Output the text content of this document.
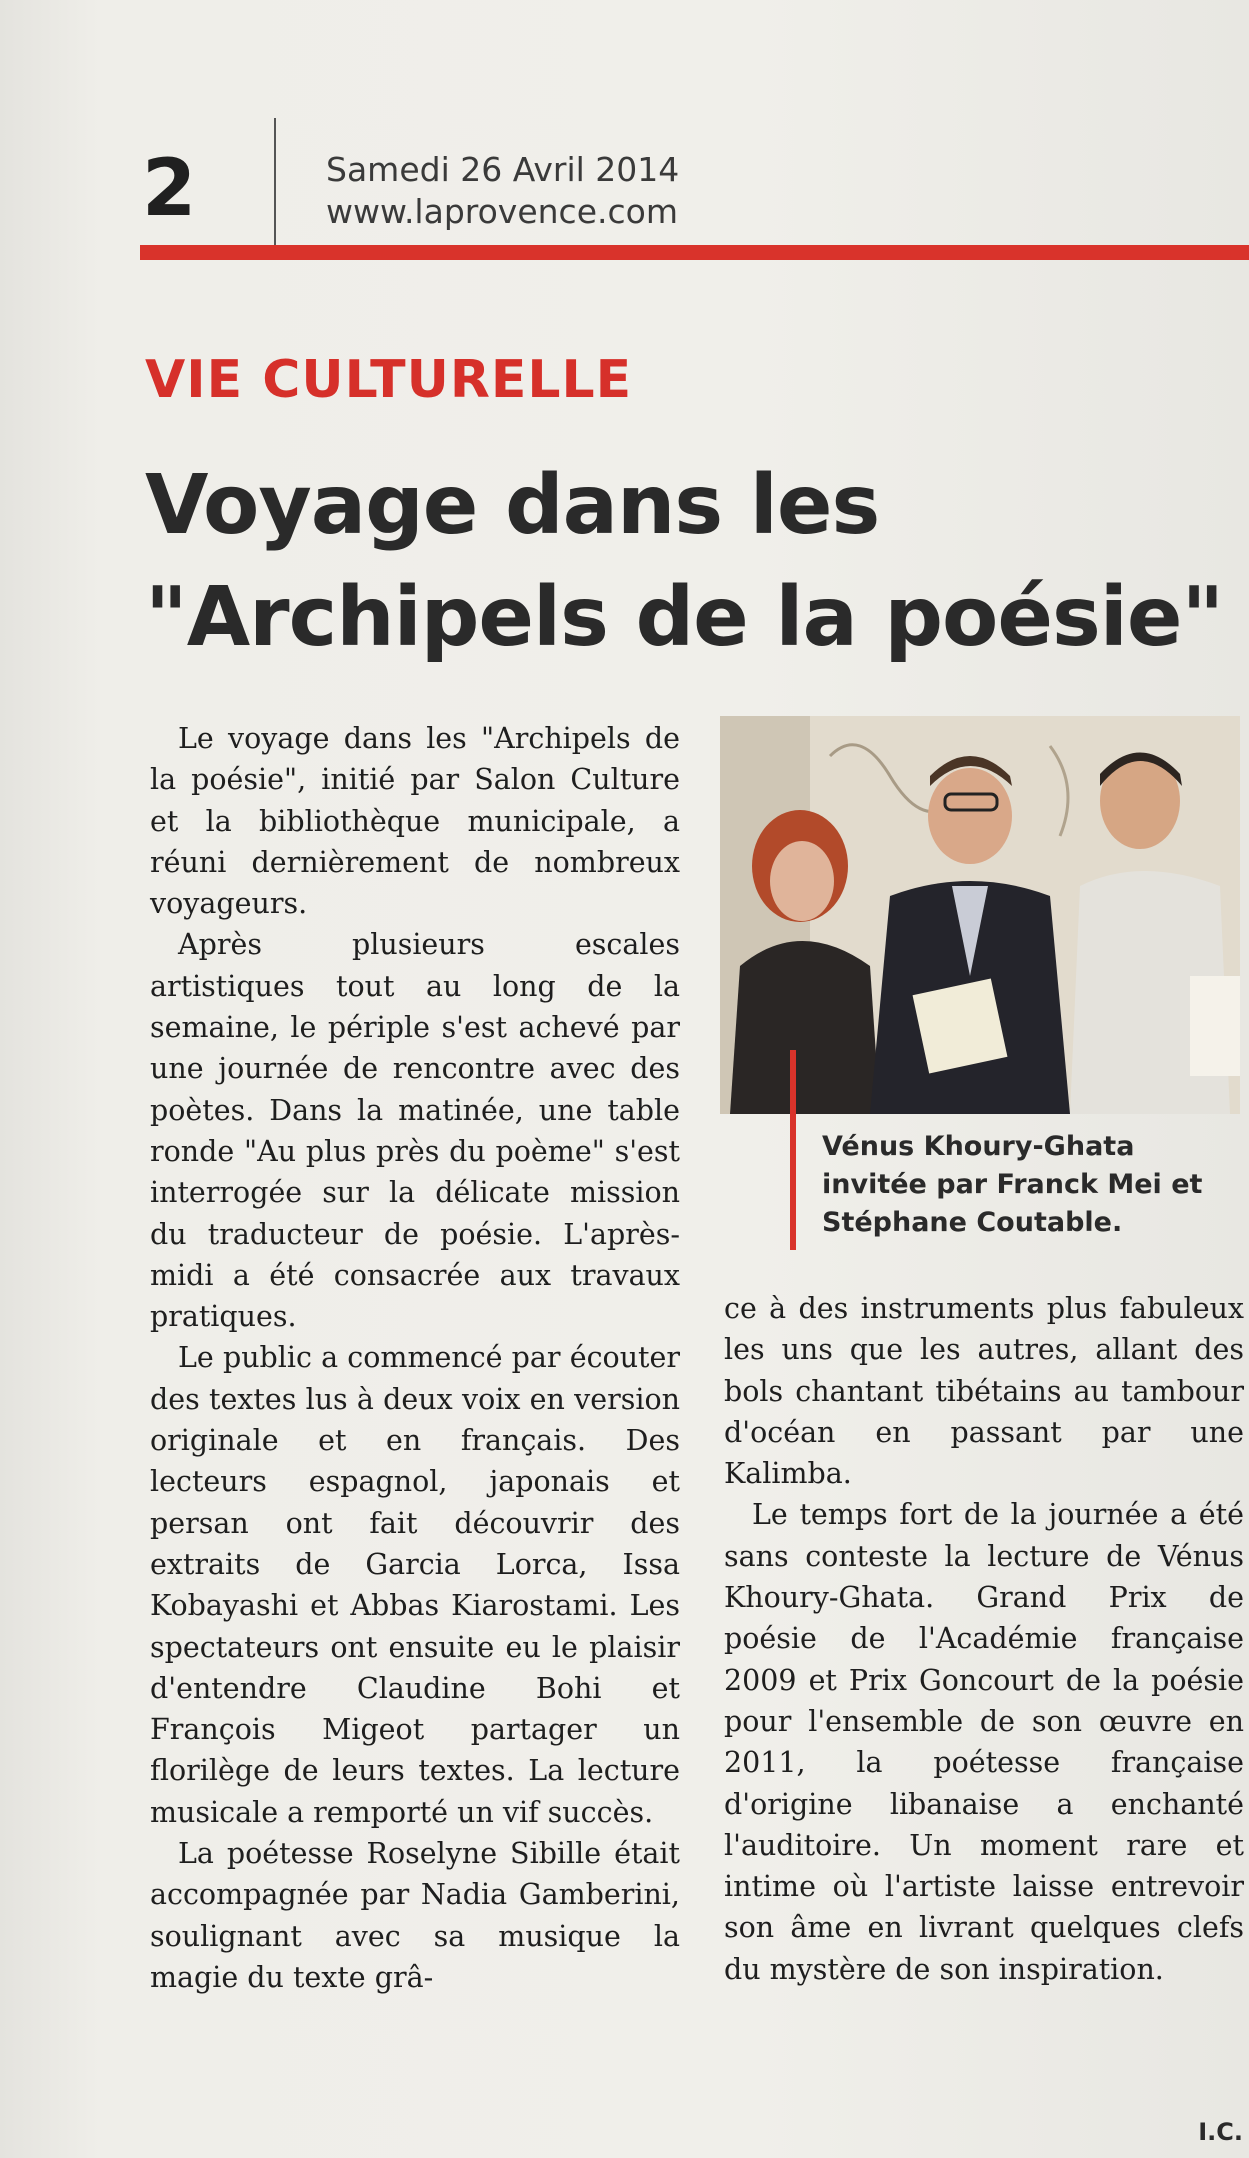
2	Samedi 26 Avril 2014
www.laprovence.com
VIE CULTURELLE
Voyage dans les "Archipels de la poésie"

Le voyage dans les "Archipels de la poésie", initié par Salon Culture et la bibliothèque municipale, a réuni dernièrement de nombreux voyageurs.

Après plusieurs escales artistiques tout au long de la semaine, le périple s'est achevé par une journée de rencontre avec des poètes. Dans la matinée, une table ronde "Au plus près du poème" s'est interrogée sur la délicate mission du traducteur de poésie. L'après-midi a été consacrée aux travaux pratiques.

Le public a commencé par écouter des textes lus à deux voix en version originale et en français. Des lecteurs espagnol, japonais et persan ont fait découvrir des extraits de Garcia Lorca, Issa Kobayashi et Abbas Kiarostami. Les spectateurs ont ensuite eu le plaisir d'entendre Claudine Bohi et François Migeot partager un florilège de leurs textes. La lecture musicale a remporté un vif succès.

La poétesse Roselyne Sibille était accompagnée par Nadia Gamberini, soulignant avec sa musique la magie du texte grâ-

Vénus Khoury-Ghata invitée par Franck Mei et Stéphane Coutable.

ce à des instruments plus fabuleux les uns que les autres, allant des bols chantant tibétains au tambour d'océan en passant par une Kalimba.

Le temps fort de la journée a été sans conteste la lecture de Vénus Khoury-Ghata. Grand Prix de poésie de l'Académie française 2009 et Prix Goncourt de la poésie pour l'ensemble de son œuvre en 2011, la poétesse française d'origine libanaise a enchanté l'auditoire. Un moment rare et intime où l'artiste laisse entrevoir son âme en livrant quelques clefs du mystère de son inspiration.

I.C.
